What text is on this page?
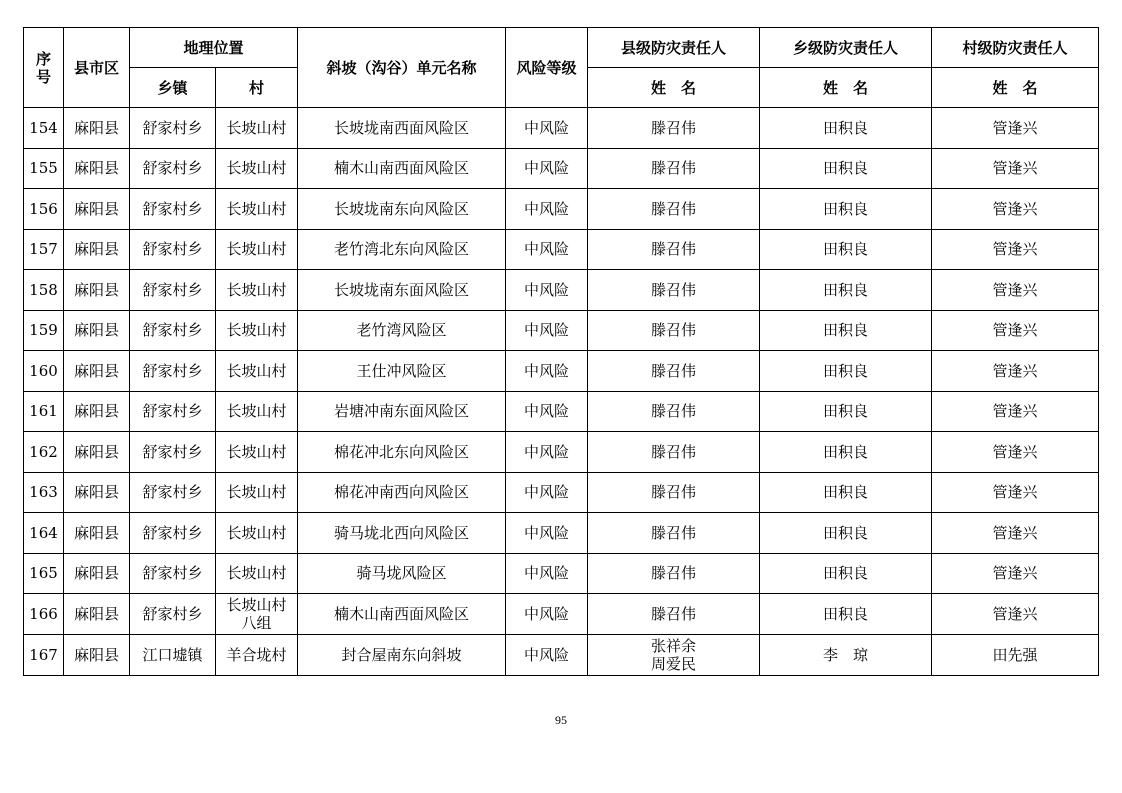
序
号	县市区	地理位置		斜坡（沟谷）单元名称	风险等级	县级防灾责任人	乡级防灾责任人	村级防灾责任人
		乡镇	村			姓　名	姓　名	姓　名
154	麻阳县	舒家村乡	长坡山村	长坡垅南西面风险区	中风险	滕召伟	田积良	管逢兴
155	麻阳县	舒家村乡	长坡山村	楠木山南西面风险区	中风险	滕召伟	田积良	管逢兴
156	麻阳县	舒家村乡	长坡山村	长坡垅南东向风险区	中风险	滕召伟	田积良	管逢兴
157	麻阳县	舒家村乡	长坡山村	老竹湾北东向风险区	中风险	滕召伟	田积良	管逢兴
158	麻阳县	舒家村乡	长坡山村	长坡垅南东面风险区	中风险	滕召伟	田积良	管逢兴
159	麻阳县	舒家村乡	长坡山村	老竹湾风险区	中风险	滕召伟	田积良	管逢兴
160	麻阳县	舒家村乡	长坡山村	王仕冲风险区	中风险	滕召伟	田积良	管逢兴
161	麻阳县	舒家村乡	长坡山村	岩塘冲南东面风险区	中风险	滕召伟	田积良	管逢兴
162	麻阳县	舒家村乡	长坡山村	棉花冲北东向风险区	中风险	滕召伟	田积良	管逢兴
163	麻阳县	舒家村乡	长坡山村	棉花冲南西向风险区	中风险	滕召伟	田积良	管逢兴
164	麻阳县	舒家村乡	长坡山村	骑马垅北西向风险区	中风险	滕召伟	田积良	管逢兴
165	麻阳县	舒家村乡	长坡山村	骑马垅风险区	中风险	滕召伟	田积良	管逢兴
166	麻阳县	舒家村乡	长坡山村
八组	楠木山南西面风险区	中风险	滕召伟	田积良	管逢兴
167	麻阳县	江口墟镇	羊合垅村	封合屋南东向斜坡	中风险	张祥余
周爱民	李　琼	田先强
95
